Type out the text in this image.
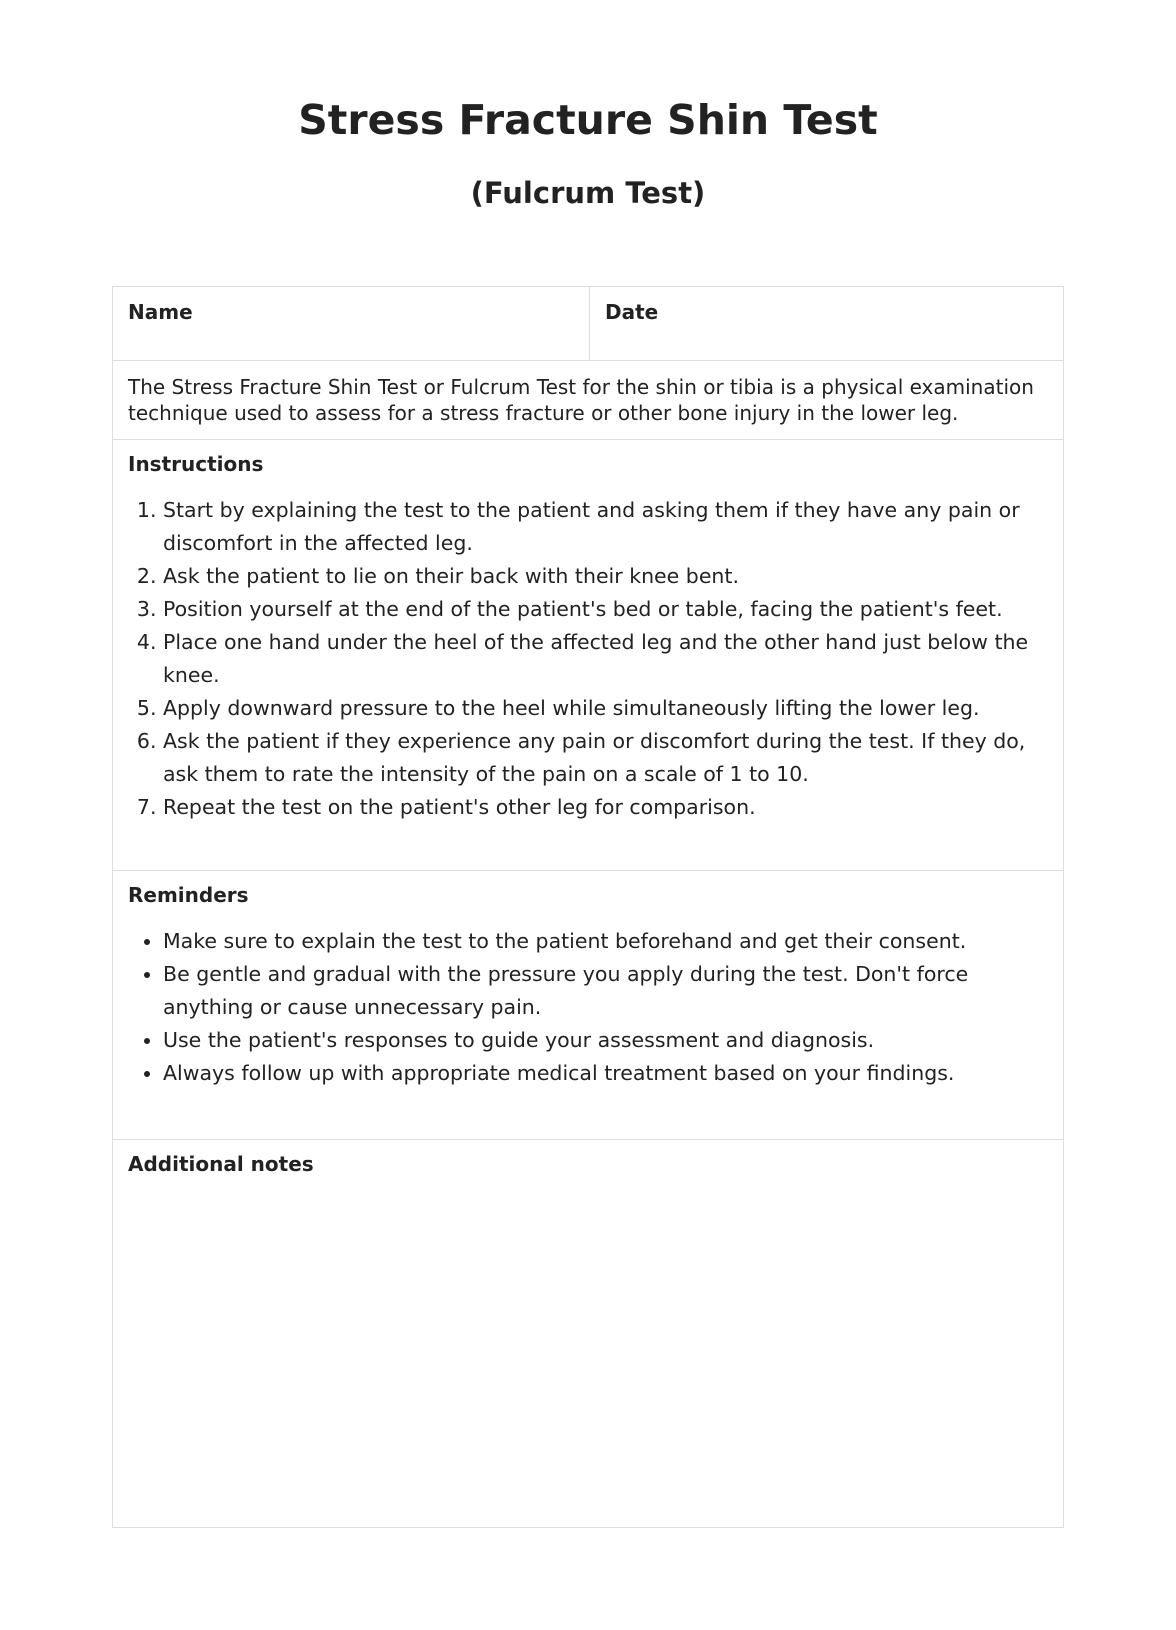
Stress Fracture Shin Test
(Fulcrum Test)
Name	Date
The Stress Fracture Shin Test or Fulcrum Test for the shin or tibia is a physical examination technique used to assess for a stress fracture or other bone injury in the lower leg.
Instructions
1. Start by explaining the test to the patient and asking them if they have any pain or discomfort in the affected leg.
2. Ask the patient to lie on their back with their knee bent.
3. Position yourself at the end of the patient's bed or table, facing the patient's feet.
4. Place one hand under the heel of the affected leg and the other hand just below the knee.
5. Apply downward pressure to the heel while simultaneously lifting the lower leg.
6. Ask the patient if they experience any pain or discomfort during the test. If they do, ask them to rate the intensity of the pain on a scale of 1 to 10.
7. Repeat the test on the patient's other leg for comparison.
Reminders
• Make sure to explain the test to the patient beforehand and get their consent.
• Be gentle and gradual with the pressure you apply during the test. Don't force anything or cause unnecessary pain.
• Use the patient's responses to guide your assessment and diagnosis.
• Always follow up with appropriate medical treatment based on your findings.
Additional notes
